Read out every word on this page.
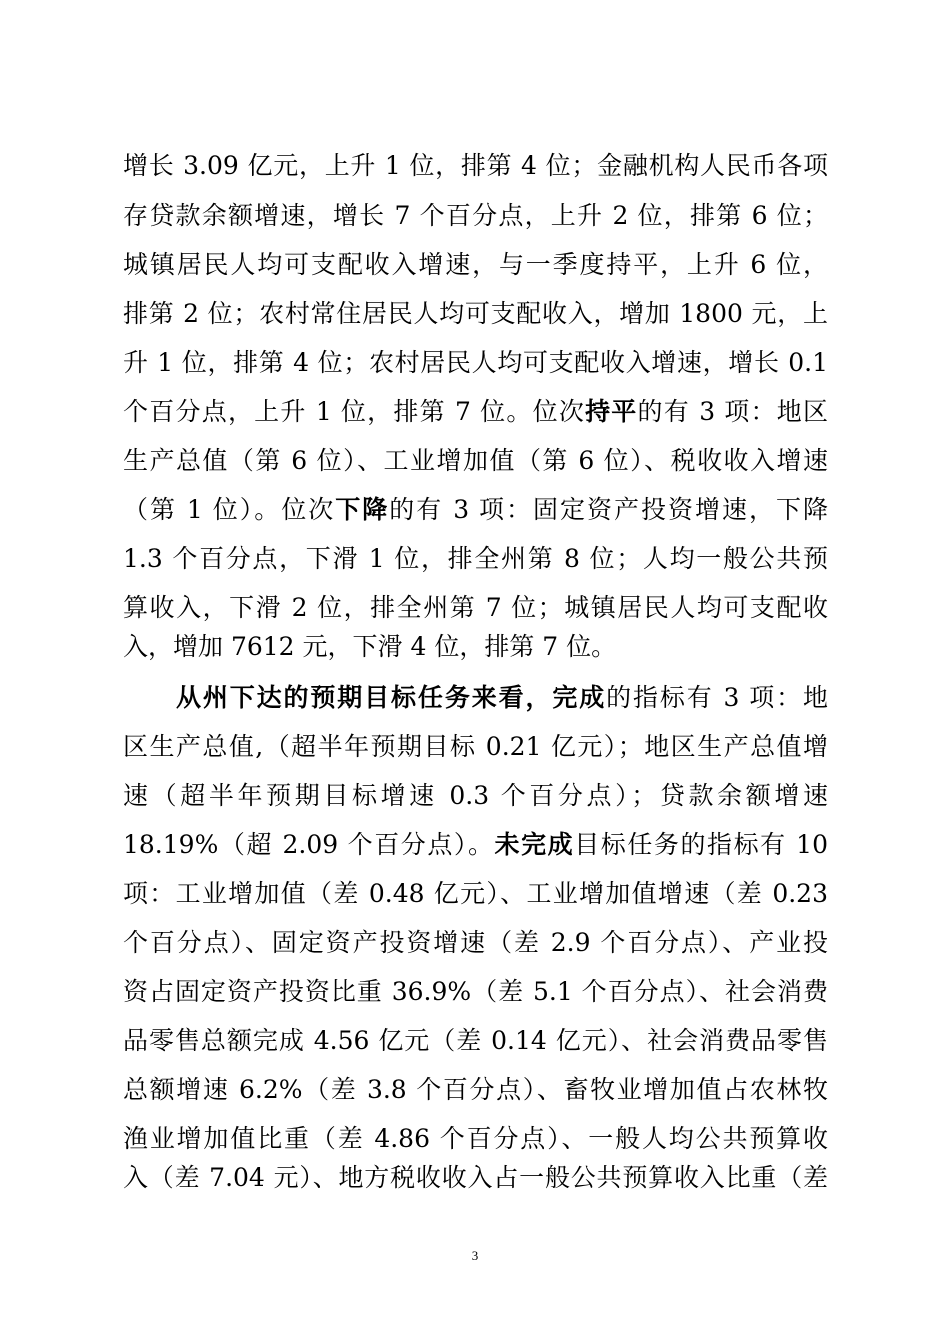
增长 3.09 亿元，上升 1 位，排第 4 位；金融机构人民币各项
存贷款余额增速，增长 7 个百分点，上升 2 位，排第 6 位；
城镇居民人均可支配收入增速，与一季度持平，上升 6 位，
排第 2 位；农村常住居民人均可支配收入，增加 1800 元，上
升 1 位，排第 4 位；农村居民人均可支配收入增速，增长 0.1
个百分点，上升 1 位，排第 7 位。位次持平的有 3 项：地区
生产总值（第 6 位）、工业增加值（第 6 位）、税收收入增速
（第 1 位）。位次下降的有 3 项：固定资产投资增速，下降
1.3 个百分点，下滑 1 位，排全州第 8 位；人均一般公共预
算收入，下滑 2 位，排全州第 7 位；城镇居民人均可支配收
入，增加 7612 元，下滑 4 位，排第 7 位。
从州下达的预期目标任务来看，完成的指标有 3 项：地
区生产总值,（超半年预期目标 0.21 亿元）；地区生产总值增
速（超半年预期目标增速 0.3 个百分点）；贷款余额增速
18.19%（超 2.09 个百分点）。未完成目标任务的指标有 10
项：工业增加值（差 0.48 亿元）、工业增加值增速（差 0.23
个百分点）、固定资产投资增速（差 2.9 个百分点）、产业投
资占固定资产投资比重 36.9%（差 5.1 个百分点）、社会消费
品零售总额完成 4.56 亿元（差 0.14 亿元）、社会消费品零售
总额增速 6.2%（差 3.8 个百分点）、畜牧业增加值占农林牧
渔业增加值比重（差 4.86 个百分点）、一般人均公共预算收
入（差 7.04 元）、地方税收收入占一般公共预算收入比重（差
3
